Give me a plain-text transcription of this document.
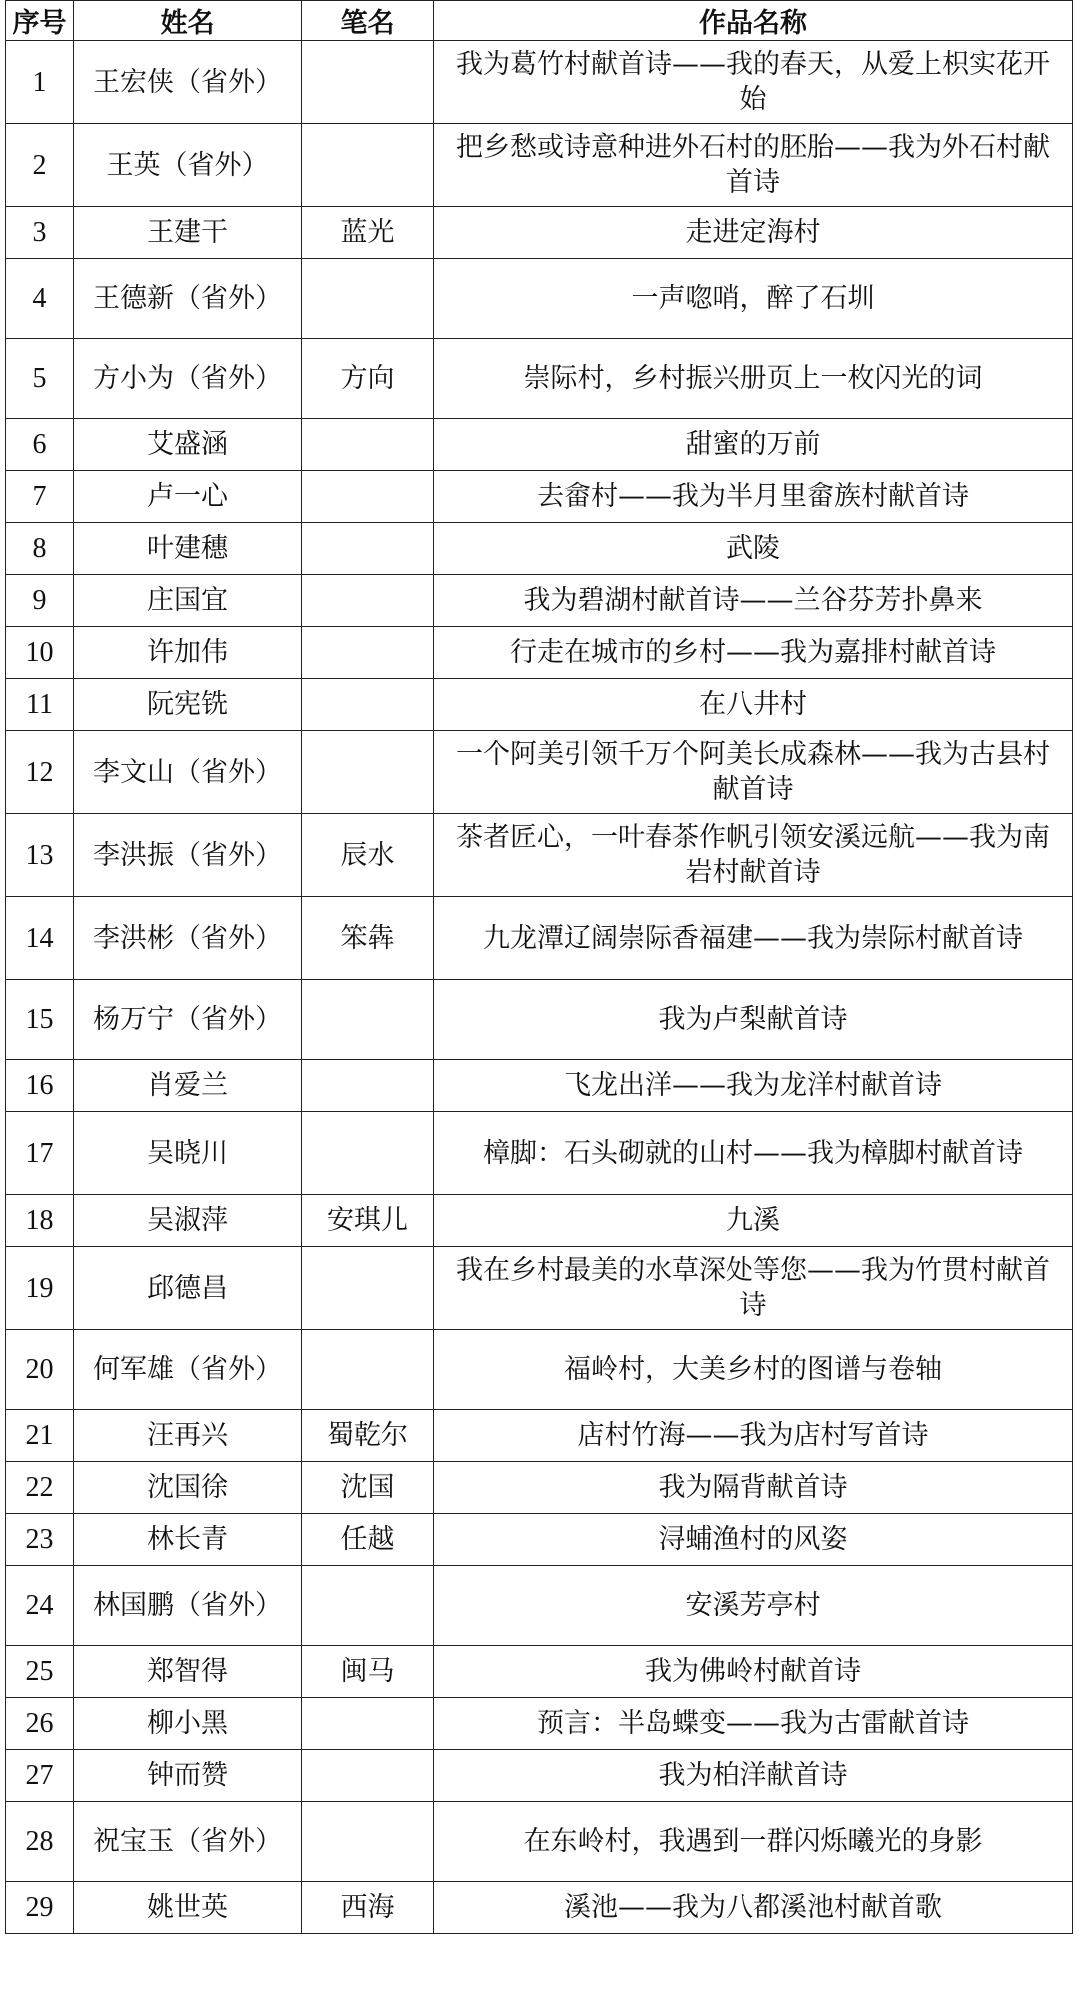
序号	姓名	笔名	作品名称
1	王宏侠（省外）		我为葛竹村献首诗——我的春天，从爱上枳实花开始
2	王英（省外）		把乡愁或诗意种进外石村的胚胎——我为外石村献首诗
3	王建干	蓝光	走进定海村
4	王德新（省外）		一声唿哨，醉了石圳
5	方小为（省外）	方向	崇际村，乡村振兴册页上一枚闪光的词
6	艾盛涵		甜蜜的万前
7	卢一心		去畲村——我为半月里畲族村献首诗
8	叶建穗		武陵
9	庄国宜		我为碧湖村献首诗——兰谷芬芳扑鼻来
10	许加伟		行走在城市的乡村——我为嘉排村献首诗
11	阮宪铣		在八井村
12	李文山（省外）		一个阿美引领千万个阿美长成森林——我为古县村献首诗
13	李洪振（省外）	辰水	茶者匠心，一叶春茶作帆引领安溪远航——我为南岩村献首诗
14	李洪彬（省外）	笨犇	九龙潭辽阔崇际香福建——我为崇际村献首诗
15	杨万宁（省外）		我为卢梨献首诗
16	肖爱兰		飞龙出洋——我为龙洋村献首诗
17	吴晓川		樟脚：石头砌就的山村——我为樟脚村献首诗
18	吴淑萍	安琪儿	九溪
19	邱德昌		我在乡村最美的水草深处等您——我为竹贯村献首诗
20	何军雄（省外）		福岭村，大美乡村的图谱与卷轴
21	汪再兴	蜀乾尔	店村竹海——我为店村写首诗
22	沈国徐	沈国	我为隔背献首诗
23	林长青	任越	浔蜅渔村的风姿
24	林国鹏（省外）		安溪芳亭村
25	郑智得	闽马	我为佛岭村献首诗
26	柳小黑		预言：半岛蝶变——我为古雷献首诗
27	钟而赞		我为柏洋献首诗
28	祝宝玉（省外）		在东岭村，我遇到一群闪烁曦光的身影
29	姚世英	西海	溪池——我为八都溪池村献首歌
